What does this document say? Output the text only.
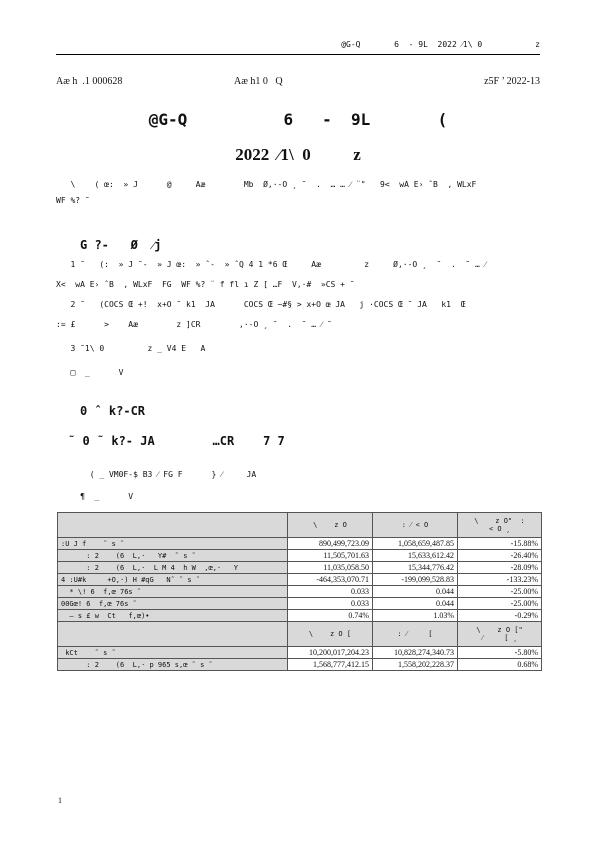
@G-Q       6  - 9L  2022 ⁄1\ 0           z

Aæ h  .1 000628

	Aæ h1 0   Q

	z5F ’ 2022-13

@G-Q          6   -  9L       (
2022  ⁄1\  0          z
\    ( œ:  » J      @     Aæ        Mb  Ø,·-O ¸ ˜  .  … … ⁄ ¨"   9<  wA E› ˆB  , WLxF
WF %? ˜
G ?-   Ø  ⁄j
1 ˜   (:  » J ˜-  » J œ:  » ˆ-  » ˆQ 4 1 *6 Œ     Aæ         z     Ø,·-O ¸  ˜  .  ˜ … ⁄
X<  wA E› ˆB  , WLxF  FG  WF %? ¨ f fl ı Z [ …F  V,·#  »CS + ˜
2 ˜   (COCS Œ +!  x+O ˜ k1  JA      COCS Œ ~#§ > x+O œ JA   j ·COCS Œ ˜ JA   k1  Œ
:= £      >    Aæ        z ]CR        ,·-O ¸ ˜  .  ˜ … ⁄ ˜
3 ˜1\ 0         z _ V4 E   A
□  _      V
0 ˆ k?-CR
˜ 0 ˜ k?- JA        …CR    7 7
( _ VM0F-$ B3 ⁄ FG F      } ⁄     JA
¶  _      V
	\    z O	: ⁄ < O	\    z O"  :
< O ¸
:U J f    ˜ s ˜	890,499,723.09	1,058,659,487.85	-15.88%
: 2    (6  L,·   Y#  ˜ s ˜	11,505,701.63	15,633,612.42	-26.40%
: 2    (6  L,·  L M 4  h W  ,œ,·   Y	11,035,058.50	15,344,776.42	-28.09%
4 :U#k     +O,·) H #qG   N˜ ˜ s ˜	-464,353,070.71	-199,099,528.83	-133.23%
* \! 6  f,œ 76s ˜	0.033	0.044	-25.00%
00Gœ! 6  f,œ 76s ˜	0.033	0.044	-25.00%
– s £ w  Ct   f,œ)•	0.74%	1.03%	-0.29%
	\    z O [	: ⁄     [	\    z O ["
⁄     [ ¸
kCt    ˜ s ˜	10,200,017,204.23	10,828,274,340.73	-5.80%
: 2    (6  L,· p 965 s,œ ˜ s ˜	1,568,777,412.15	1,558,202,228.37	0.68%
1
